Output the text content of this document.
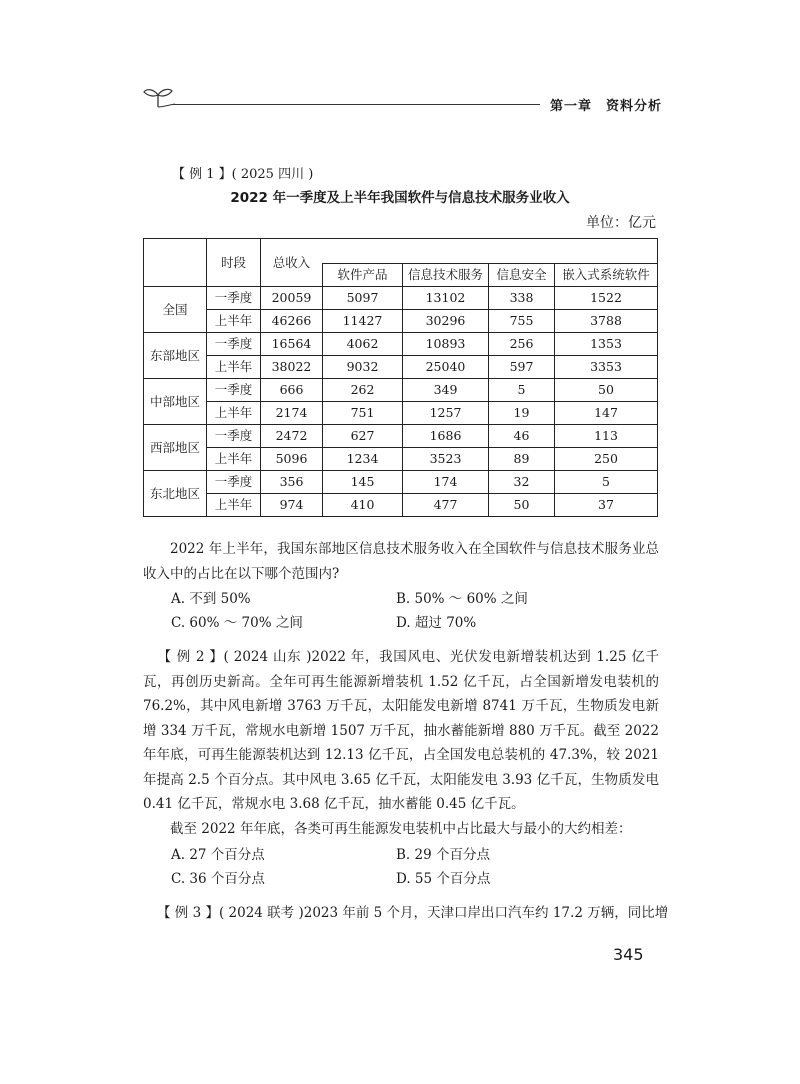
第一章　资料分析
【 例 1 】( 2025 四川 )
2022 年一季度及上半年我国软件与信息技术服务业收入
单位：亿元
	时段	总收入				
			软件产品	信息技术服务	信息安全	嵌入式系统软件
全国	一季度	20059	5097	13102	338	1522
	上半年	46266	11427	30296	755	3788
东部地区	一季度	16564	4062	10893	256	1353
	上半年	38022	9032	25040	597	3353
中部地区	一季度	666	262	349	5	50
	上半年	2174	751	1257	19	147
西部地区	一季度	2472	627	1686	46	113
	上半年	5096	1234	3523	89	250
东北地区	一季度	356	145	174	32	5
	上半年	974	410	477	50	37
2022 年上半年，我国东部地区信息技术服务收入在全国软件与信息技术服务业总收入中的占比在以下哪个范围内?
A. 不到 50%	B. 50% ～ 60% 之间
C. 60% ～ 70% 之间	D. 超过 70%
【 例 2 】( 2024 山东 )2022 年，我国风电、光伏发电新增装机达到 1.25 亿千瓦，再创历史新高。全年可再生能源新增装机 1.52 亿千瓦，占全国新增发电装机的 76.2%，其中风电新增 3763 万千瓦，太阳能发电新增 8741 万千瓦，生物质发电新增 334 万千瓦，常规水电新增 1507 万千瓦，抽水蓄能新增 880 万千瓦。截至 2022 年年底，可再生能源装机达到 12.13 亿千瓦，占全国发电总装机的 47.3%，较 2021 年提高 2.5 个百分点。其中风电 3.65 亿千瓦，太阳能发电 3.93 亿千瓦，生物质发电 0.41 亿千瓦，常规水电 3.68 亿千瓦，抽水蓄能 0.45 亿千瓦。
截至 2022 年年底，各类可再生能源发电装机中占比最大与最小的大约相差：
A. 27 个百分点	B. 29 个百分点
C. 36 个百分点	D. 55 个百分点
【 例 3 】( 2024 联考 )2023 年前 5 个月，天津口岸出口汽车约 17.2 万辆，同比增
345
